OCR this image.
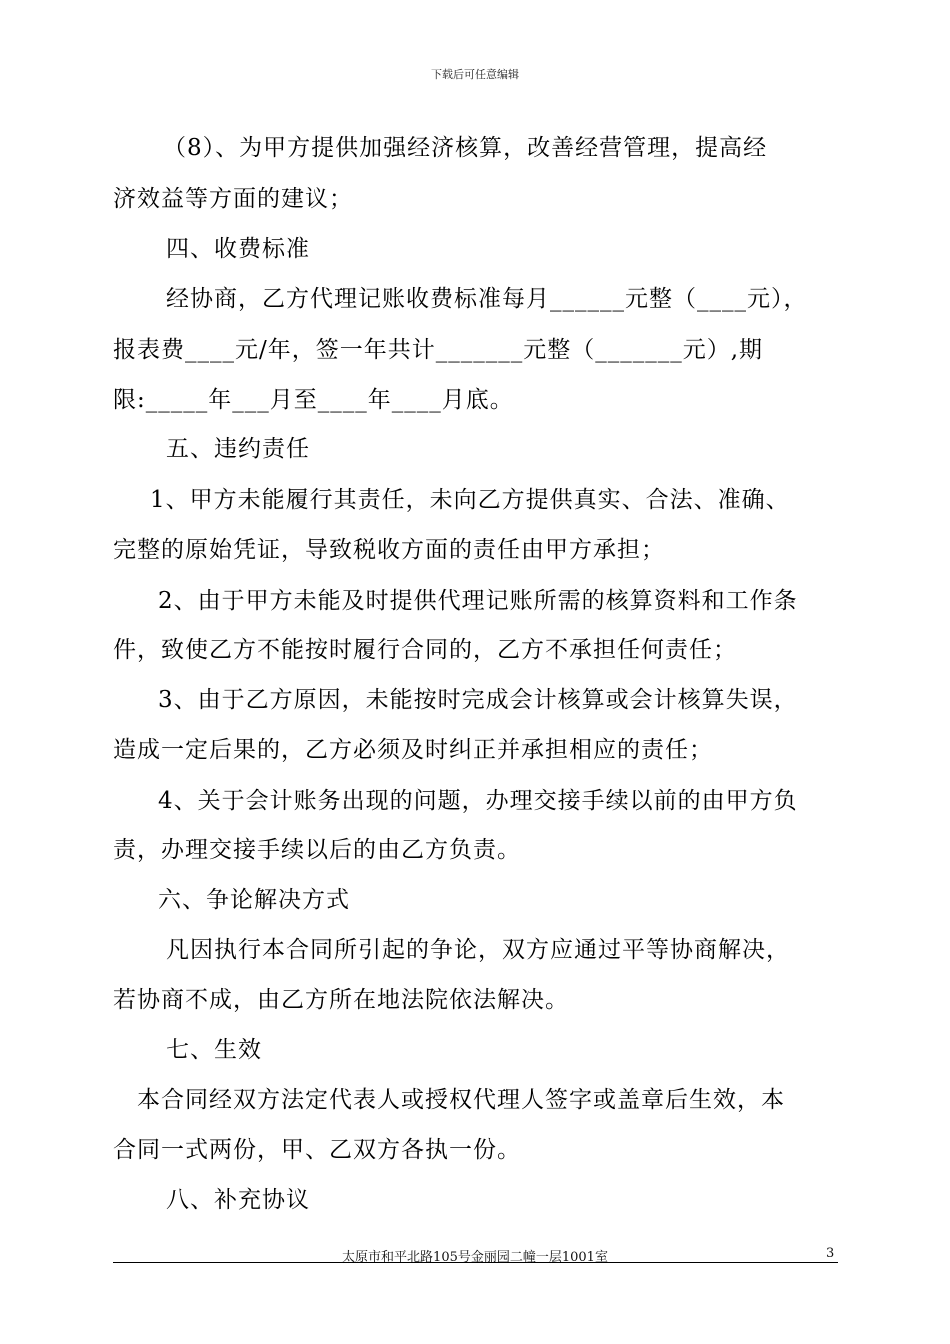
下载后可任意编辑
（8）、为甲方提供加强经济核算，改善经营管理，提高经
济效益等方面的建议；
四、收费标准
经协商，乙方代理记账收费标准每月______元整（____元），
报表费____元/年，签一年共计_______元整（_______元）,期
限:_____年___月至____年____月底。
五、违约责任
1、甲方未能履行其责任，未向乙方提供真实、合法、准确、
完整的原始凭证，导致税收方面的责任由甲方承担；
2、由于甲方未能及时提供代理记账所需的核算资料和工作条
件，致使乙方不能按时履行合同的，乙方不承担任何责任；
3、由于乙方原因，未能按时完成会计核算或会计核算失误，
造成一定后果的，乙方必须及时纠正并承担相应的责任；
4、关于会计账务出现的问题，办理交接手续以前的由甲方负
责，办理交接手续以后的由乙方负责。
六、争论解决方式
凡因执行本合同所引起的争论，双方应通过平等协商解决，
若协商不成，由乙方所在地法院依法解决。
七、生效
本合同经双方法定代表人或授权代理人签字或盖章后生效，本
合同一式两份，甲、乙双方各执一份。
八、补充协议
太原市和平北路105号金丽园二幢一层1001室	3
